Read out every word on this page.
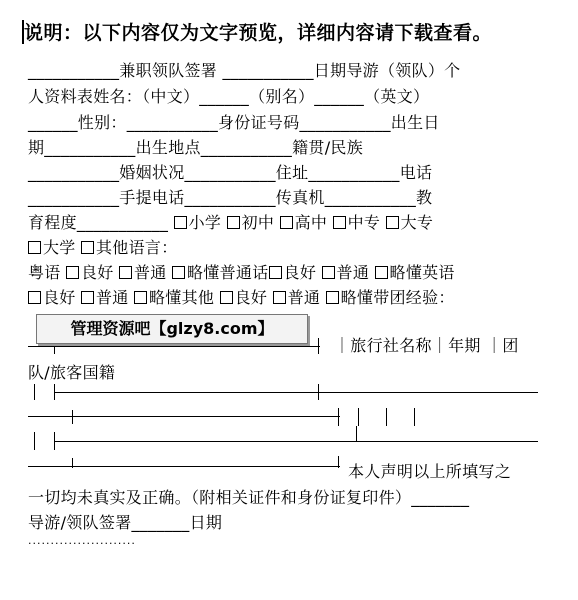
说明：以下内容仅为文字预览，详细内容请下载查看。
___________兼职领队签署 ___________日期导游（领队）个
人资料表姓名：（中文）______（别名）______（英文）
______性别：___________身份证号码___________出生日
期___________出生地点___________籍贯/民族
___________婚姻状况___________住址___________电话
___________手提电话___________传真机___________教
育程度___________ 小学 初中 高中 中专 大专
大学 其他语言：
粤语 良好 普通 略懂普通话 良好 普通 略懂英语
良好 普通 略懂其他 良好 普通 略懂带团经验：
管理资源吧【glzy8.com】
｜旅行社名称｜年期 ｜团
队/旅客国籍
本人声明以上所填写之
一切均未真实及正确。（附相关证件和身份证复印件）_______
导游/领队签署_______日期
........................
